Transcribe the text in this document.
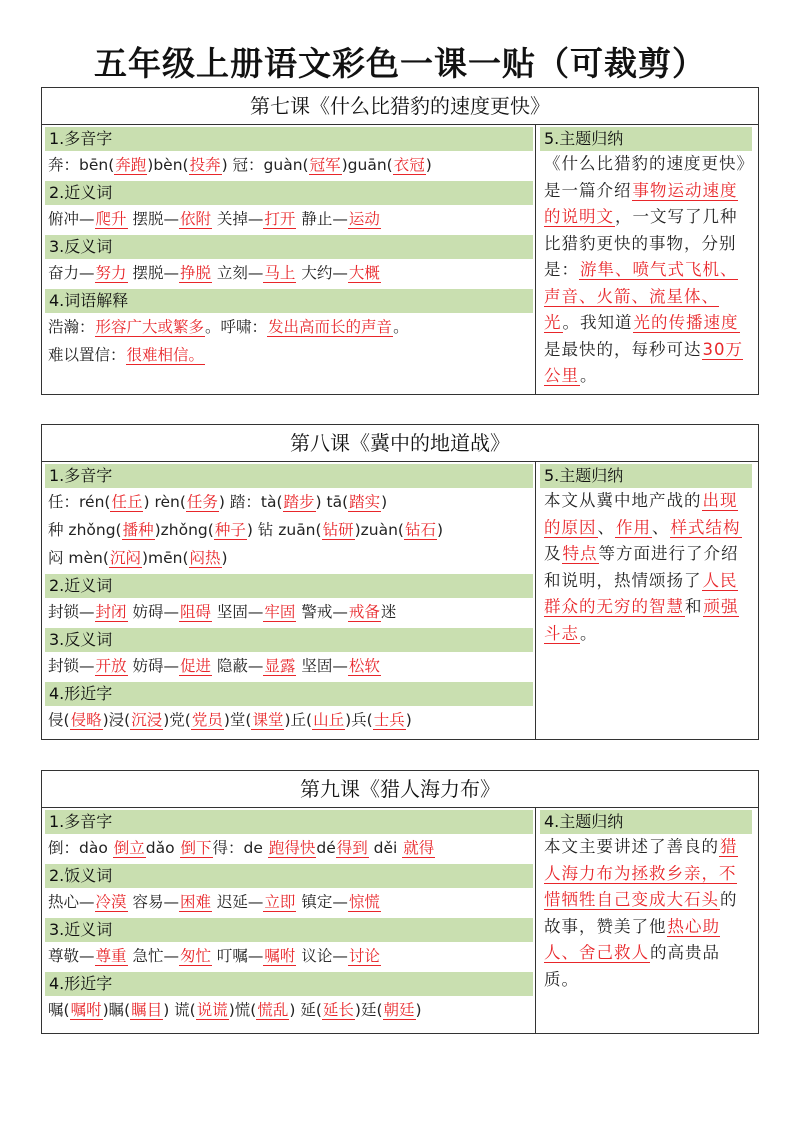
五年级上册语文彩色一课一贴（可裁剪）
第七课《什么比猎豹的速度更快》
1.多音字
奔：bēn(奔跑)bèn(投奔) 冠：guàn(冠军)guān(衣冠)
2.近义词
俯冲—爬升 摆脱—依附 关掉—打开 静止—运动
3.反义词
奋力—努力 摆脱—挣脱 立刻—马上 大约—大概
4.词语解释
浩瀚：形容广大或繁多。呼啸：发出高而长的声音。
难以置信：很难相信。
5.主题归纳
《什么比猎豹的速度更快》是一篇介绍事物运动速度的说明文，一文写了几种比猎豹更快的事物，分别是：游隼、喷气式飞机、声音、火箭、流星体、光。我知道光的传播速度是最快的，每秒可达30万公里。
第八课《冀中的地道战》
1.多音字
任：rén(任丘) rèn(任务) 踏：tà(踏步) tā(踏实)
种 zhǒng(播种)zhǒng(种子) 钻 zuān(钻研)zuàn(钻石)
闷 mèn(沉闷)mēn(闷热)
2.近义词
封锁—封闭 妨碍—阻碍 坚固—牢固 警戒—戒备迷
3.反义词
封锁—开放 妨碍—促进 隐蔽—显露 坚固—松软
4.形近字
侵(侵略)浸(沉浸)党(党员)堂(课堂)丘(山丘)兵(士兵)
5.主题归纳
本文从冀中地产战的出现的原因、作用、样式结构及特点等方面进行了介绍和说明，热情颂扬了人民群众的无穷的智慧和顽强斗志。
第九课《猎人海力布》
1.多音字
倒：dào 倒立dǎo 倒下得：de 跑得快dé得到 děi 就得
2.饭义词
热心—冷漠 容易—困难 迟延—立即 镇定—惊慌
3.近义词
尊敬—尊重 急忙—匆忙 叮嘱—嘱咐 议论—讨论
4.形近字
嘱(嘱咐)瞩(瞩目) 谎(说谎)慌(慌乱) 延(延长)廷(朝廷)
4.主题归纳
本文主要讲述了善良的猎人海力布为拯救乡亲，不惜牺牲自己变成大石头的故事，赞美了他热心助人、舍己救人的高贵品质。
